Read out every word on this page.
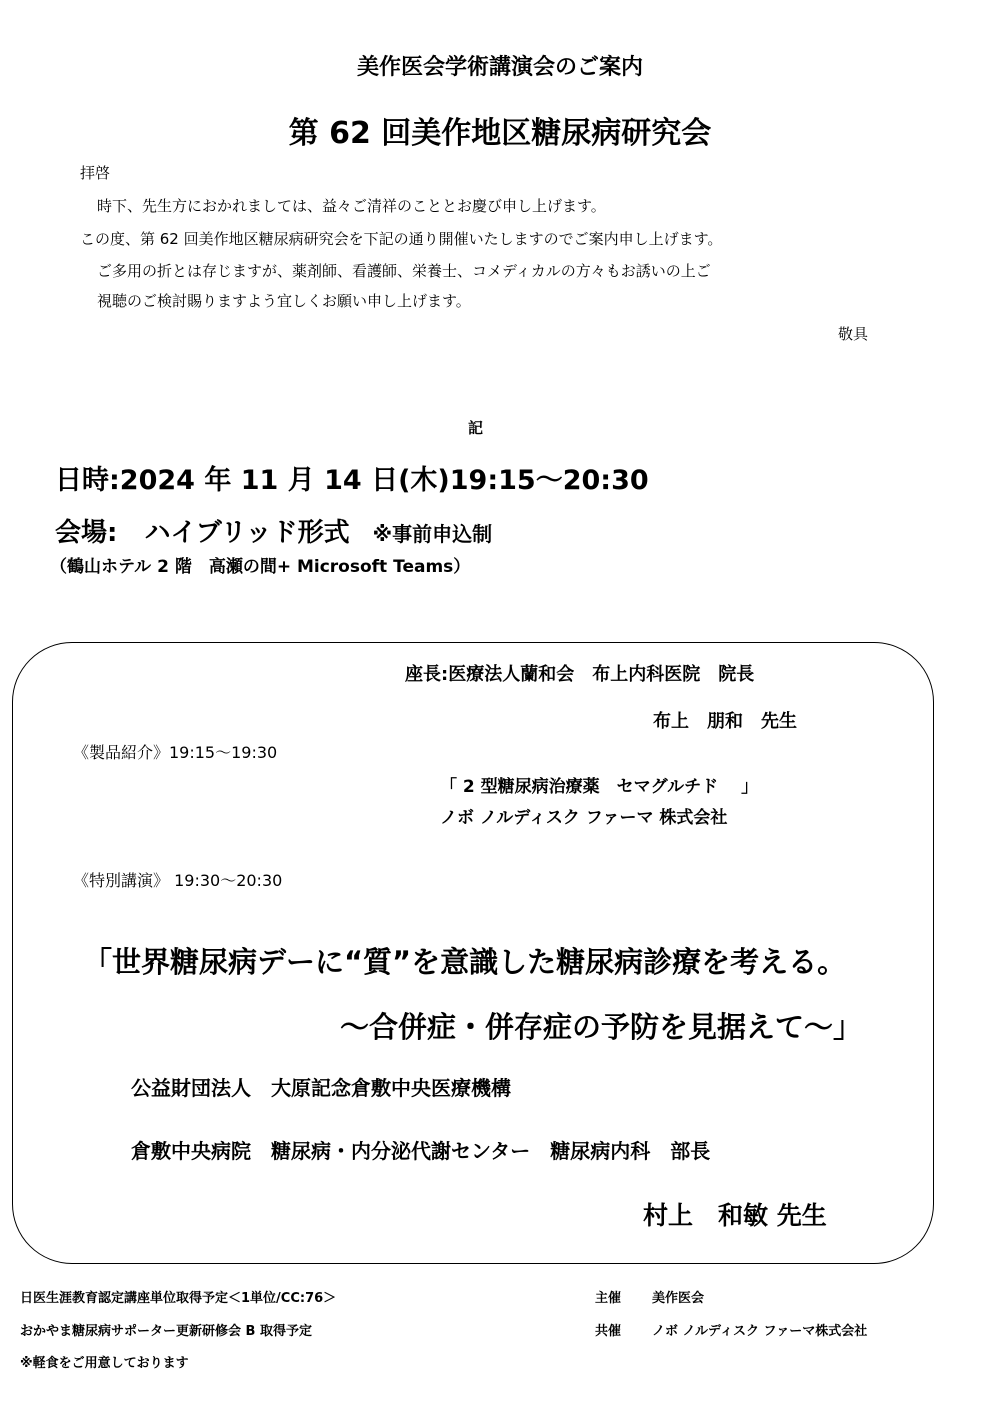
美作医会学術講演会のご案内
第 62 回美作地区糖尿病研究会
拝啓
時下、先生方におかれましては、益々ご清祥のこととお慶び申し上げます。
この度、第 62 回美作地区糖尿病研究会を下記の通り開催いたしますのでご案内申し上げます。
ご多用の折とは存じますが、薬剤師、看護師、栄養士、コメディカルの方々もお誘いの上ご
視聴のご検討賜りますよう宜しくお願い申し上げます。
敬具
記
日時:2024 年 11 月 14 日(木)19:15～20:30
会場: ハイブリッド形式 ※事前申込制
（鶴山ホテル 2 階　高瀬の間+ Microsoft Teams）
座長:医療法人蘭和会　布上内科医院　院長
布上　朋和　先生
《製品紹介》19:15～19:30
「 2 型糖尿病治療薬　セマグルチド　 」
ノボ ノルディスク ファーマ 株式会社
《特別講演》 19:30～20:30
「世界糖尿病デーに“質”を意識した糖尿病診療を考える。
～合併症・併存症の予防を見据えて～」
公益財団法人　大原記念倉敷中央医療機構
倉敷中央病院　糖尿病・内分泌代謝センター　糖尿病内科　部長
村上　和敏 先生
日医生涯教育認定講座単位取得予定＜1単位/CC:76＞
おかやま糖尿病サポーター更新研修会 B 取得予定
※軽食をご用意しております
主催 美作医会
共催 ノボ ノルディスク ファーマ株式会社
